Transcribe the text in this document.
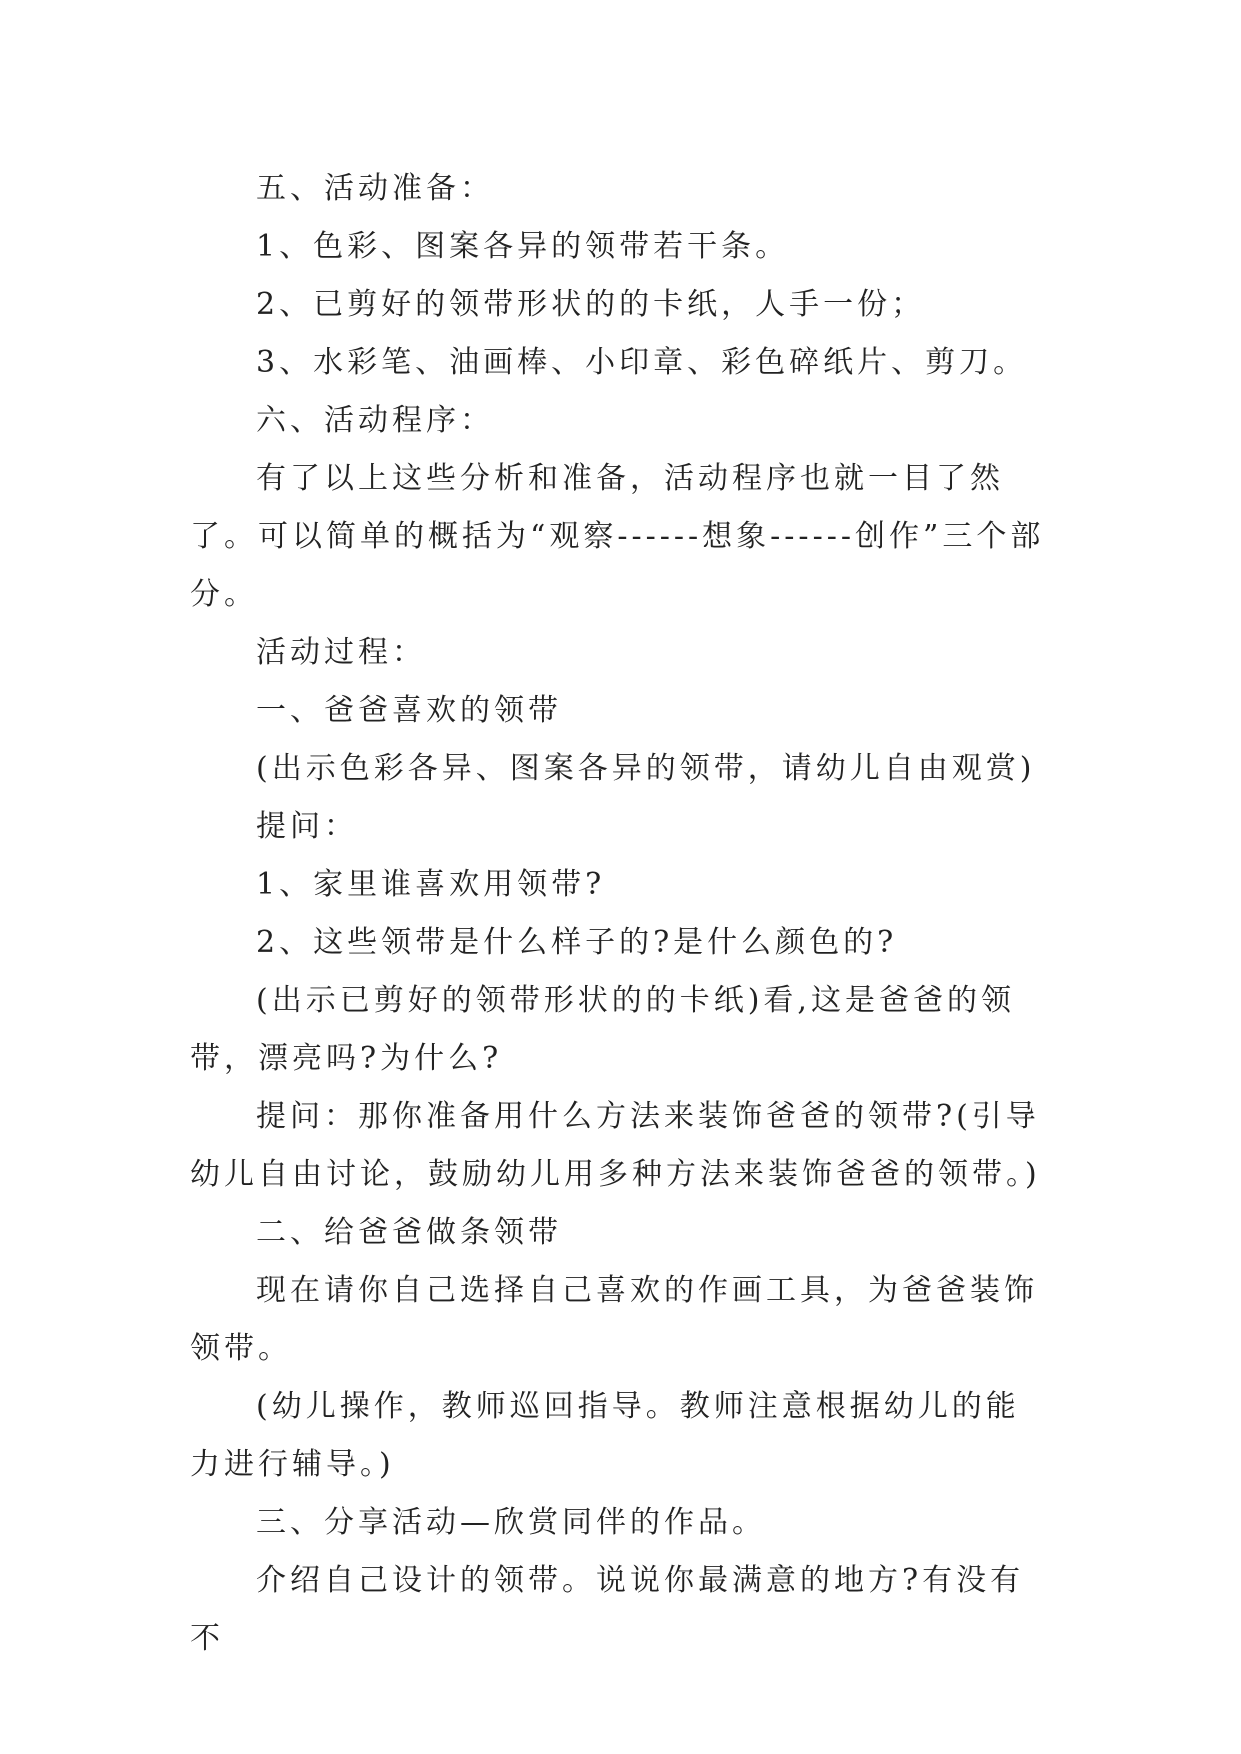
五、活动准备：

1、色彩、图案各异的领带若干条。

2、已剪好的领带形状的的卡纸，人手一份；

3、水彩笔、油画棒、小印章、彩色碎纸片、剪刀。

六、活动程序：

有了以上这些分析和准备，活动程序也就一目了然了。可以简单的概括为“观察------想象------创作”三个部分。

活动过程：

一、爸爸喜欢的领带

(出示色彩各异、图案各异的领带，请幼儿自由观赏)

提问：

1、家里谁喜欢用领带?

2、这些领带是什么样子的?是什么颜色的?

(出示已剪好的领带形状的的卡纸)看,这是爸爸的领带，漂亮吗?为什么?

提问：那你准备用什么方法来装饰爸爸的领带?(引导幼儿自由讨论，鼓励幼儿用多种方法来装饰爸爸的领带。)

二、给爸爸做条领带

现在请你自己选择自己喜欢的作画工具，为爸爸装饰领带。

(幼儿操作，教师巡回指导。教师注意根据幼儿的能力进行辅导。)

三、分享活动—欣赏同伴的作品。

介绍自己设计的领带。说说你最满意的地方?有没有不
